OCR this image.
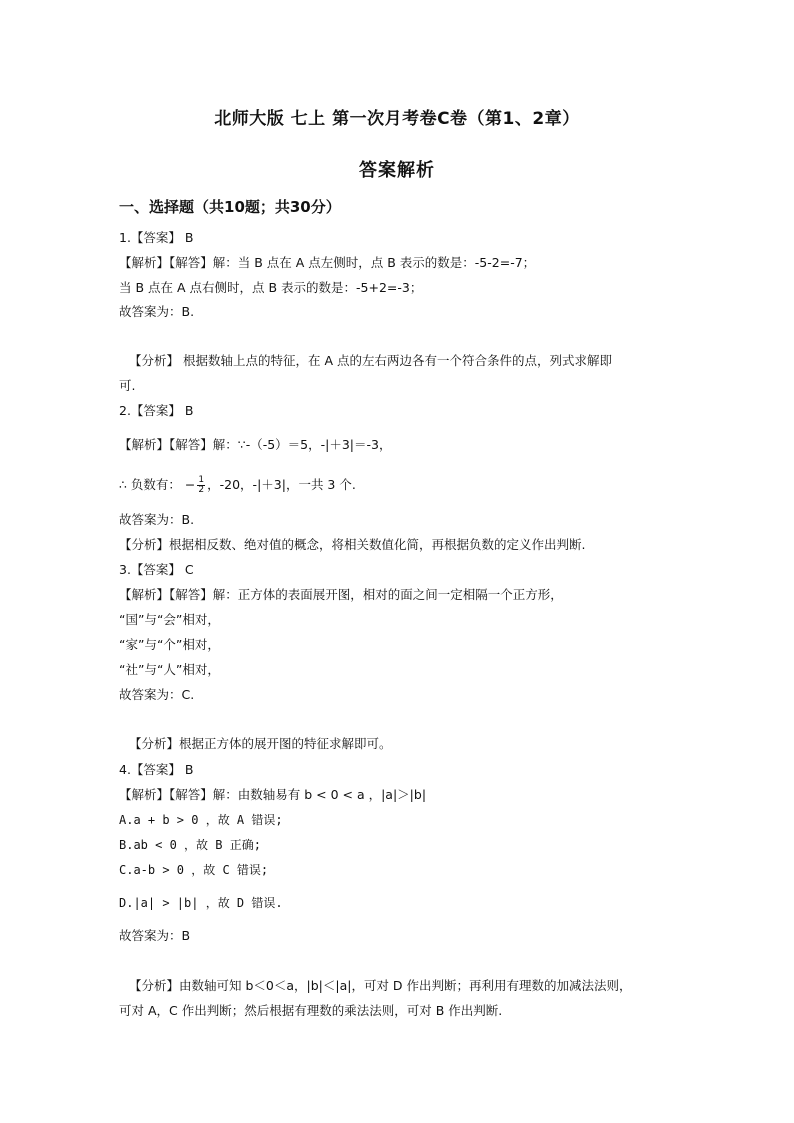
北师大版 七上 第一次月考卷C卷（第1、2章）
答案解析
一、选择题（共10题；共30分）
1.【答案】 B
【解析】【解答】解：当 B 点在 A 点左侧时，点 B 表示的数是：-5-2=-7；
当 B 点在 A 点右侧时，点 B 表示的数是：-5+2=-3；
故答案为：B.
【分析】 根据数轴上点的特征，在 A 点的左右两边各有一个符合条件的点，列式求解即
可.
2.【答案】 B
【解析】【解答】解：∵-（-5）＝5，-|＋3|＝-3，
∴ 负数有： − $\frac{1}{2}$ ，-20，-|＋3|，一共 3 个.
故答案为：B.
【分析】根据相反数、绝对值的概念，将相关数值化简，再根据负数的定义作出判断.
3.【答案】 C
【解析】【解答】解：正方体的表面展开图，相对的面之间一定相隔一个正方形，
“国”与“会”相对，
“家”与“个”相对，
“社”与“人”相对，
故答案为：C.
【分析】根据正方体的展开图的特征求解即可。
4.【答案】 B
【解析】【解答】解：由数轴易有 b < 0 < a ，|a|＞|b|
A.a + b > 0 ，故 A 错误;
B.ab < 0 ，故 B 正确;
C.a-b > 0 ，故 C 错误;
D.|a| > |b| ，故 D 错误.
故答案为：B
【分析】由数轴可知 b＜0＜a，|b|＜|a|，可对 D 作出判断；再利用有理数的加减法法则，
可对 A，C 作出判断；然后根据有理数的乘法法则，可对 B 作出判断.
